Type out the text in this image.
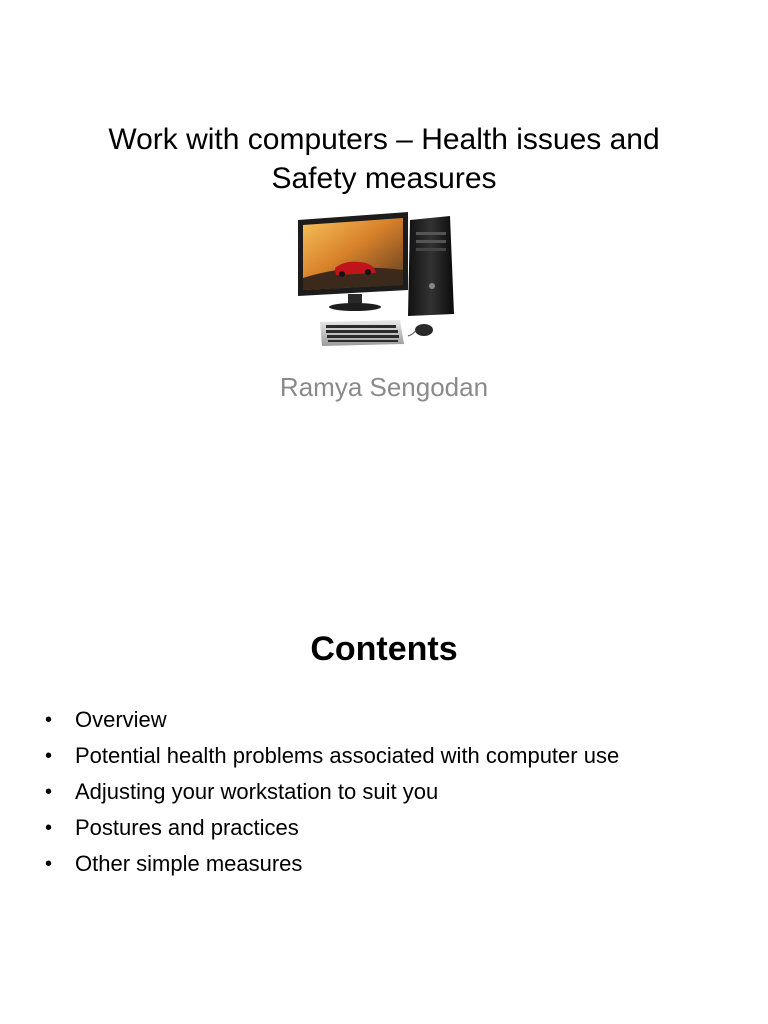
Work with computers – Health issues and
Safety measures
Ramya Sengodan
Contents
• Overview
• Potential health problems associated with computer use
• Adjusting your workstation to suit you
• Postures and practices
• Other simple measures
